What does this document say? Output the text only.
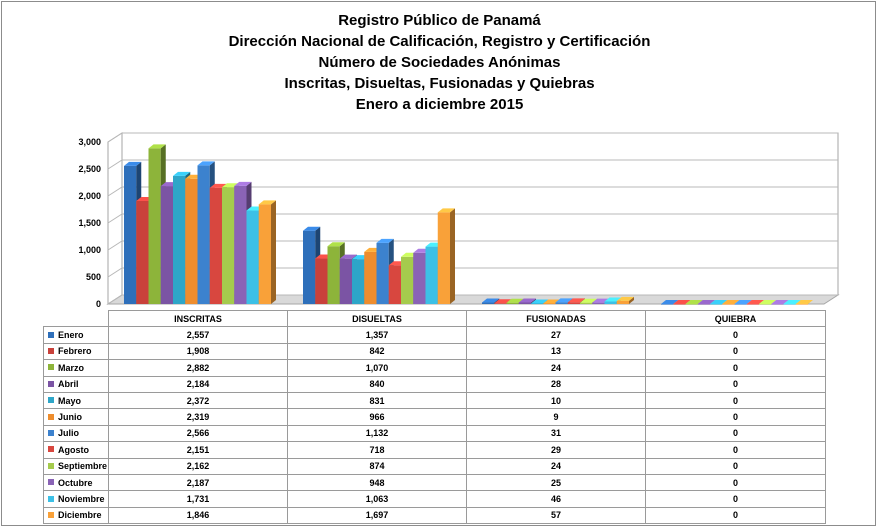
Registro Público de Panamá
Dirección Nacional de Calificación, Registro y Certificación
Número de Sociedades Anónimas
Inscritas, Disueltas, Fusionadas y Quiebras
Enero a diciembre 2015
0
500
1,000
1,500
2,000
2,500
3,000
	INSCRITAS	DISUELTAS	FUSIONADAS	QUIEBRA
Enero	2,557	1,357	27	0
Febrero	1,908	842	13	0
Marzo	2,882	1,070	24	0
Abril	2,184	840	28	0
Mayo	2,372	831	10	0
Junio	2,319	966	9	0
Julio	2,566	1,132	31	0
Agosto	2,151	718	29	0
Septiembre	2,162	874	24	0
Octubre	2,187	948	25	0
Noviembre	1,731	1,063	46	0
Diciembre	1,846	1,697	57	0
